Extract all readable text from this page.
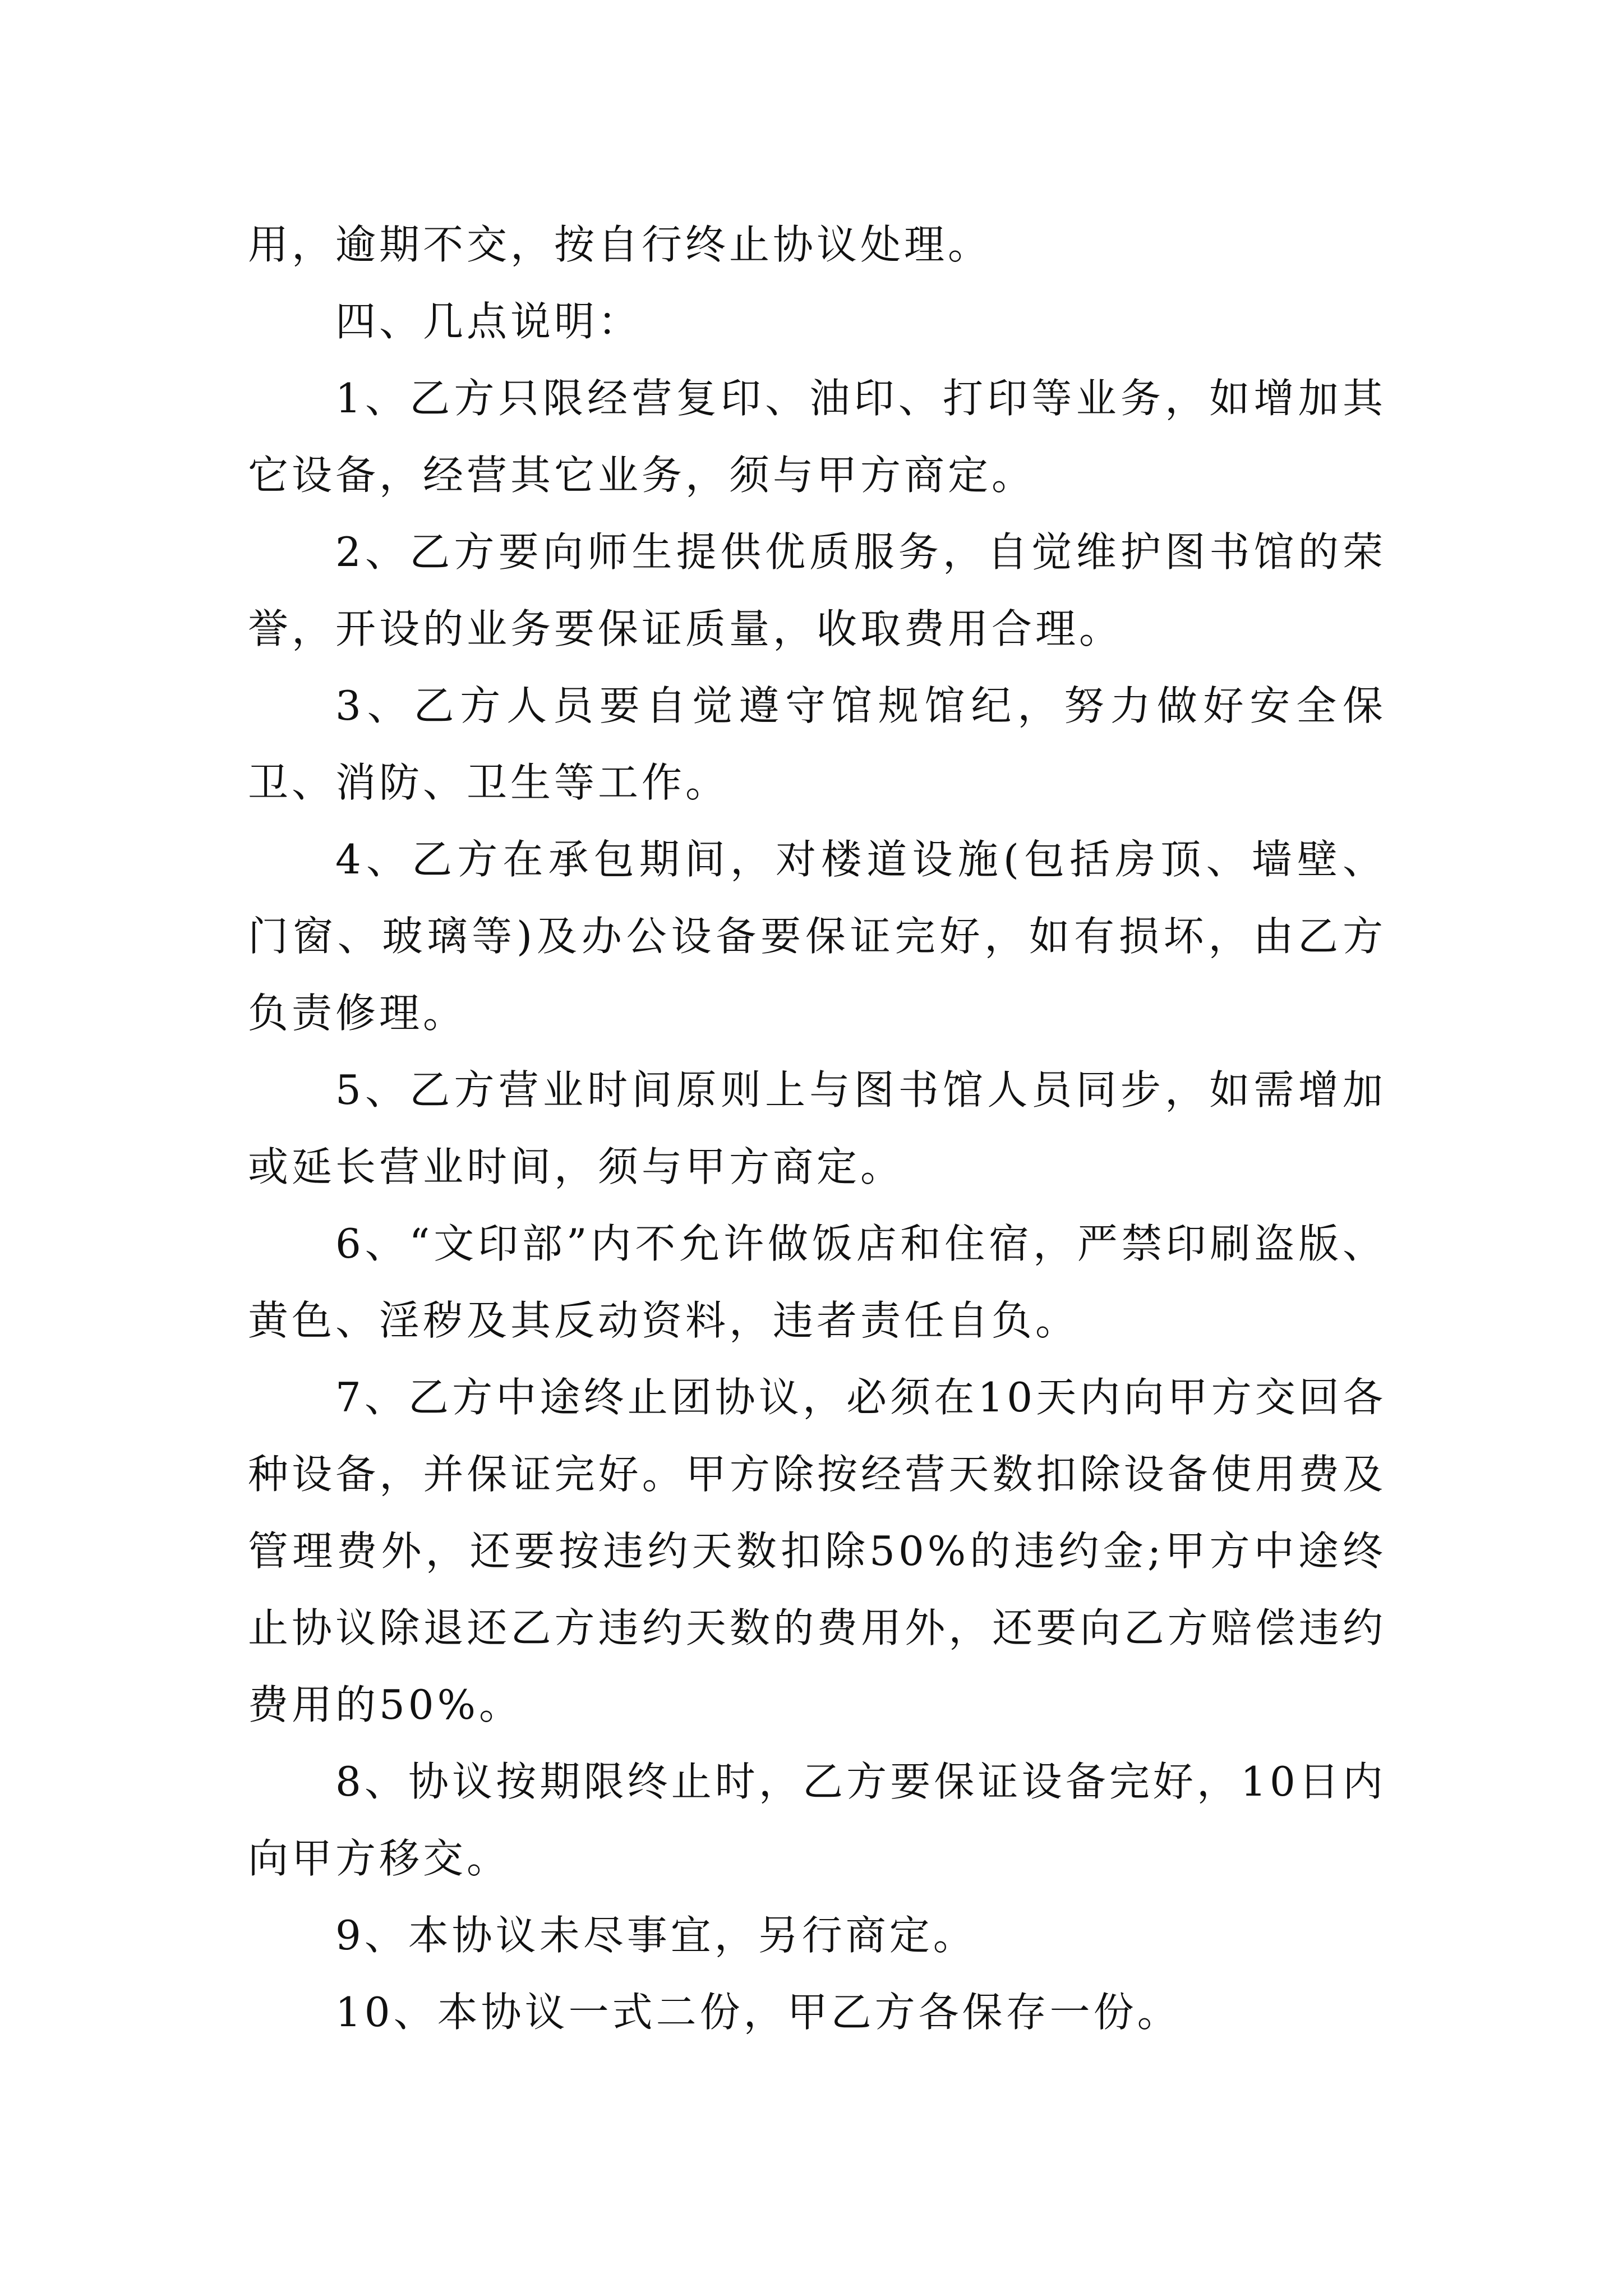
用，逾期不交，按自行终止协议处理。

四、几点说明：

1、乙方只限经营复印、油印、打印等业务，如增加其它设备，经营其它业务，须与甲方商定。

2、乙方要向师生提供优质服务，自觉维护图书馆的荣誉，开设的业务要保证质量，收取费用合理。

3、乙方人员要自觉遵守馆规馆纪，努力做好安全保卫、消防、卫生等工作。

4、乙方在承包期间，对楼道设施(包括房顶、墙壁、门窗、玻璃等)及办公设备要保证完好，如有损坏，由乙方负责修理。

5、乙方营业时间原则上与图书馆人员同步，如需增加或延长营业时间，须与甲方商定。

6、“文印部”内不允许做饭店和住宿，严禁印刷盗版、黄色、淫秽及其反动资料，违者责任自负。

7、乙方中途终止团协议，必须在10天内向甲方交回各种设备，并保证完好。甲方除按经营天数扣除设备使用费及管理费外，还要按违约天数扣除50%的违约金;甲方中途终止协议除退还乙方违约天数的费用外，还要向乙方赔偿违约费用的50%。

8、协议按期限终止时，乙方要保证设备完好，10日内向甲方移交。

9、本协议未尽事宜，另行商定。

10、本协议一式二份，甲乙方各保存一份。
